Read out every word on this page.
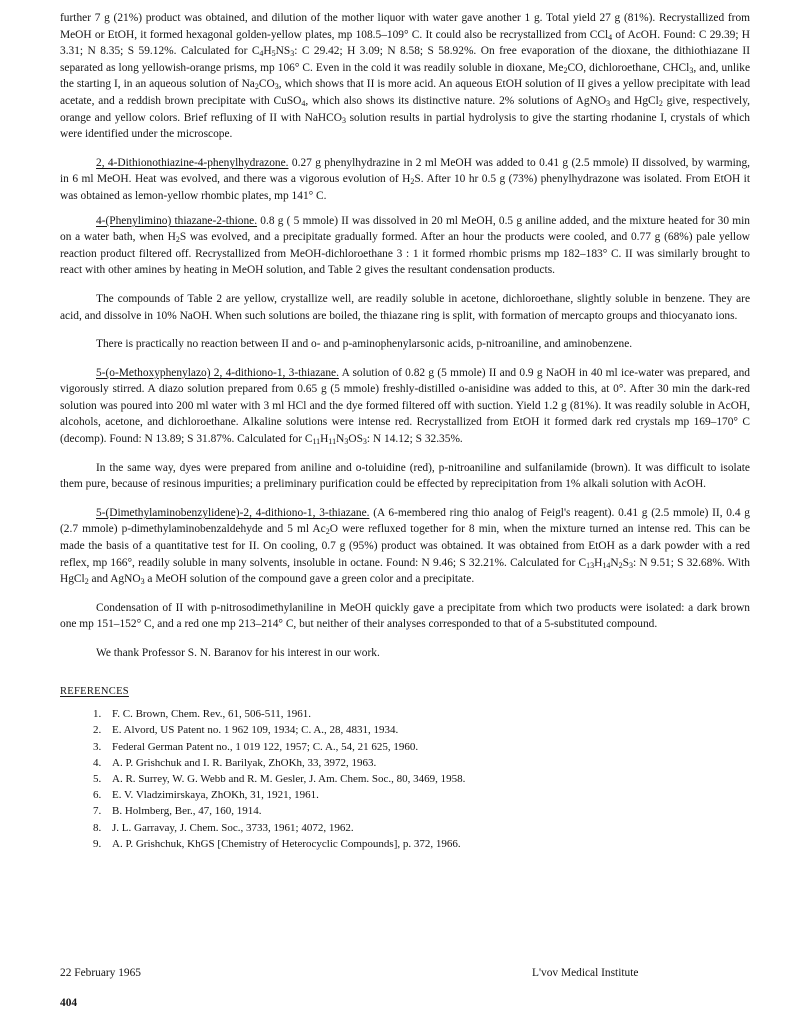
further 7 g (21%) product was obtained, and dilution of the mother liquor with water gave another 1 g. Total yield 27 g (81%). Recrystallized from MeOH or EtOH, it formed hexagonal golden-yellow plates, mp 108.5–109° C. It could also be recrystallized from CCl$_4$ of AcOH. Found: C 29.39; H 3.31; N 8.35; S 59.12%. Calculated for $C_4H_5NS_3$: C 29.42; H 3.09; N 8.58; S 58.92%. On free evaporation of the dioxane, the dithiothiazane II separated as long yellowish-orange prisms, mp 106° C. Even in the cold it was readily soluble in dioxane, $Me_2CO$, dichloroethane, CHCl$_3$, and, unlike the starting I, in an aqueous solution of $Na_2CO_3$, which shows that II is more acid. An aqueous EtOH solution of II gives a yellow precipitate with lead acetate, and a reddish brown precipitate with CuSO$_4$, which also shows its distinctive nature. 2% solutions of AgNO$_3$ and HgCl$_2$ give, respectively, orange and yellow colors. Brief refluxing of II with NaHCO$_3$ solution results in partial hydrolysis to give the starting rhodanine I, crystals of which were identified under the microscope.

2, 4-Dithionothiazine-4-phenylhydrazone. 0.27 g phenylhydrazine in 2 ml MeOH was added to 0.41 g (2.5 mmole) II dissolved, by warming, in 6 ml MeOH. Heat was evolved, and there was a vigorous evolution of $H_2S$. After 10 hr 0.5 g (73%) phenylhydrazone was isolated. From EtOH it was obtained as lemon-yellow rhombic plates, mp 141° C.

4-(Phenylimino) thiazane-2-thione. 0.8 g ( 5 mmole) II was dissolved in 20 ml MeOH, 0.5 g aniline added, and the mixture heated for 30 min on a water bath, when $H_2S$ was evolved, and a precipitate gradually formed. After an hour the products were cooled, and 0.77 g (68%) pale yellow reaction product filtered off. Recrystallized from MeOH-dichloroethane 3 : 1 it formed rhombic prisms mp 182–183° C. II was similarly brought to react with other amines by heating in MeOH solution, and Table 2 gives the resultant condensation products.

The compounds of Table 2 are yellow, crystallize well, are readily soluble in acetone, dichloroethane, slightly soluble in benzene. They are acid, and dissolve in 10% NaOH. When such solutions are boiled, the thiazane ring is split, with formation of mercapto groups and thiocyanato ions.

There is practically no reaction between II and o- and p-aminophenylarsonic acids, p-nitroaniline, and aminobenzene.

5-(o-Methoxyphenylazo) 2, 4-dithiono-1, 3-thiazane. A solution of 0.82 g (5 mmole) II and 0.9 g NaOH in 40 ml ice-water was prepared, and vigorously stirred. A diazo solution prepared from 0.65 g (5 mmole) freshly-distilled o-anisidine was added to this, at 0°. After 30 min the dark-red solution was poured into 200 ml water with 3 ml HCl and the dye formed filtered off with suction. Yield 1.2 g (81%). It was readily soluble in AcOH, alcohols, acetone, and dichloroethane. Alkaline solutions were intense red. Recrystallized from EtOH it formed dark red crystals mp 169–170° C (decomp). Found: N 13.89; S 31.87%. Calculated for $C_{11}H_{11}N_3OS_3$: N 14.12; S 32.35%.

In the same way, dyes were prepared from aniline and o-toluidine (red), p-nitroaniline and sulfanilamide (brown). It was difficult to isolate them pure, because of resinous impurities; a preliminary purification could be effected by reprecipitation from 1% alkali solution with AcOH.

5-(Dimethylaminobenzylidene)-2, 4-dithiono-1, 3-thiazane. (A 6-membered ring thio analog of Feigl's reagent). 0.41 g (2.5 mmole) II, 0.4 g (2.7 mmole) p-dimethylaminobenzaldehyde and 5 ml $Ac_2O$ were refluxed together for 8 min, when the mixture turned an intense red. This can be made the basis of a quantitative test for II. On cooling, 0.7 g (95%) product was obtained. It was obtained from EtOH as a dark powder with a red reflex, mp 166°, readily soluble in many solvents, insoluble in octane. Found: N 9.46; S 32.21%. Calculated for $C_{13}H_{14}N_2S_3$: N 9.51; S 32.68%. With HgCl$_2$ and AgNO$_3$ a MeOH solution of the compound gave a green color and a precipitate.

Condensation of II with p-nitrosodimethylaniline in MeOH quickly gave a precipitate from which two products were isolated: a dark brown one mp 151–152° C, and a red one mp 213–214° C, but neither of their analyses corresponded to that of a 5-substituted compound.

We thank Professor S. N. Baranov for his interest in our work.

REFERENCES
1. F. C. Brown, Chem. Rev., 61, 506-511, 1961.
2. E. Alvord, US Patent no. 1 962 109, 1934; C. A., 28, 4831, 1934.
3. Federal German Patent no., 1 019 122, 1957; C. A., 54, 21 625, 1960.
4. A. P. Grishchuk and I. R. Barilyak, ZhOKh, 33, 3972, 1963.
5. A. R. Surrey, W. G. Webb and R. M. Gesler, J. Am. Chem. Soc., 80, 3469, 1958.
6. E. V. Vladzimirskaya, ZhOKh, 31, 1921, 1961.
7. B. Holmberg, Ber., 47, 160, 1914.
8. J. L. Garravay, J. Chem. Soc., 3733, 1961; 4072, 1962.
9. A. P. Grishchuk, KhGS [Chemistry of Heterocyclic Compounds], p. 372, 1966.
22 February 1965	L'vov Medical Institute
404
